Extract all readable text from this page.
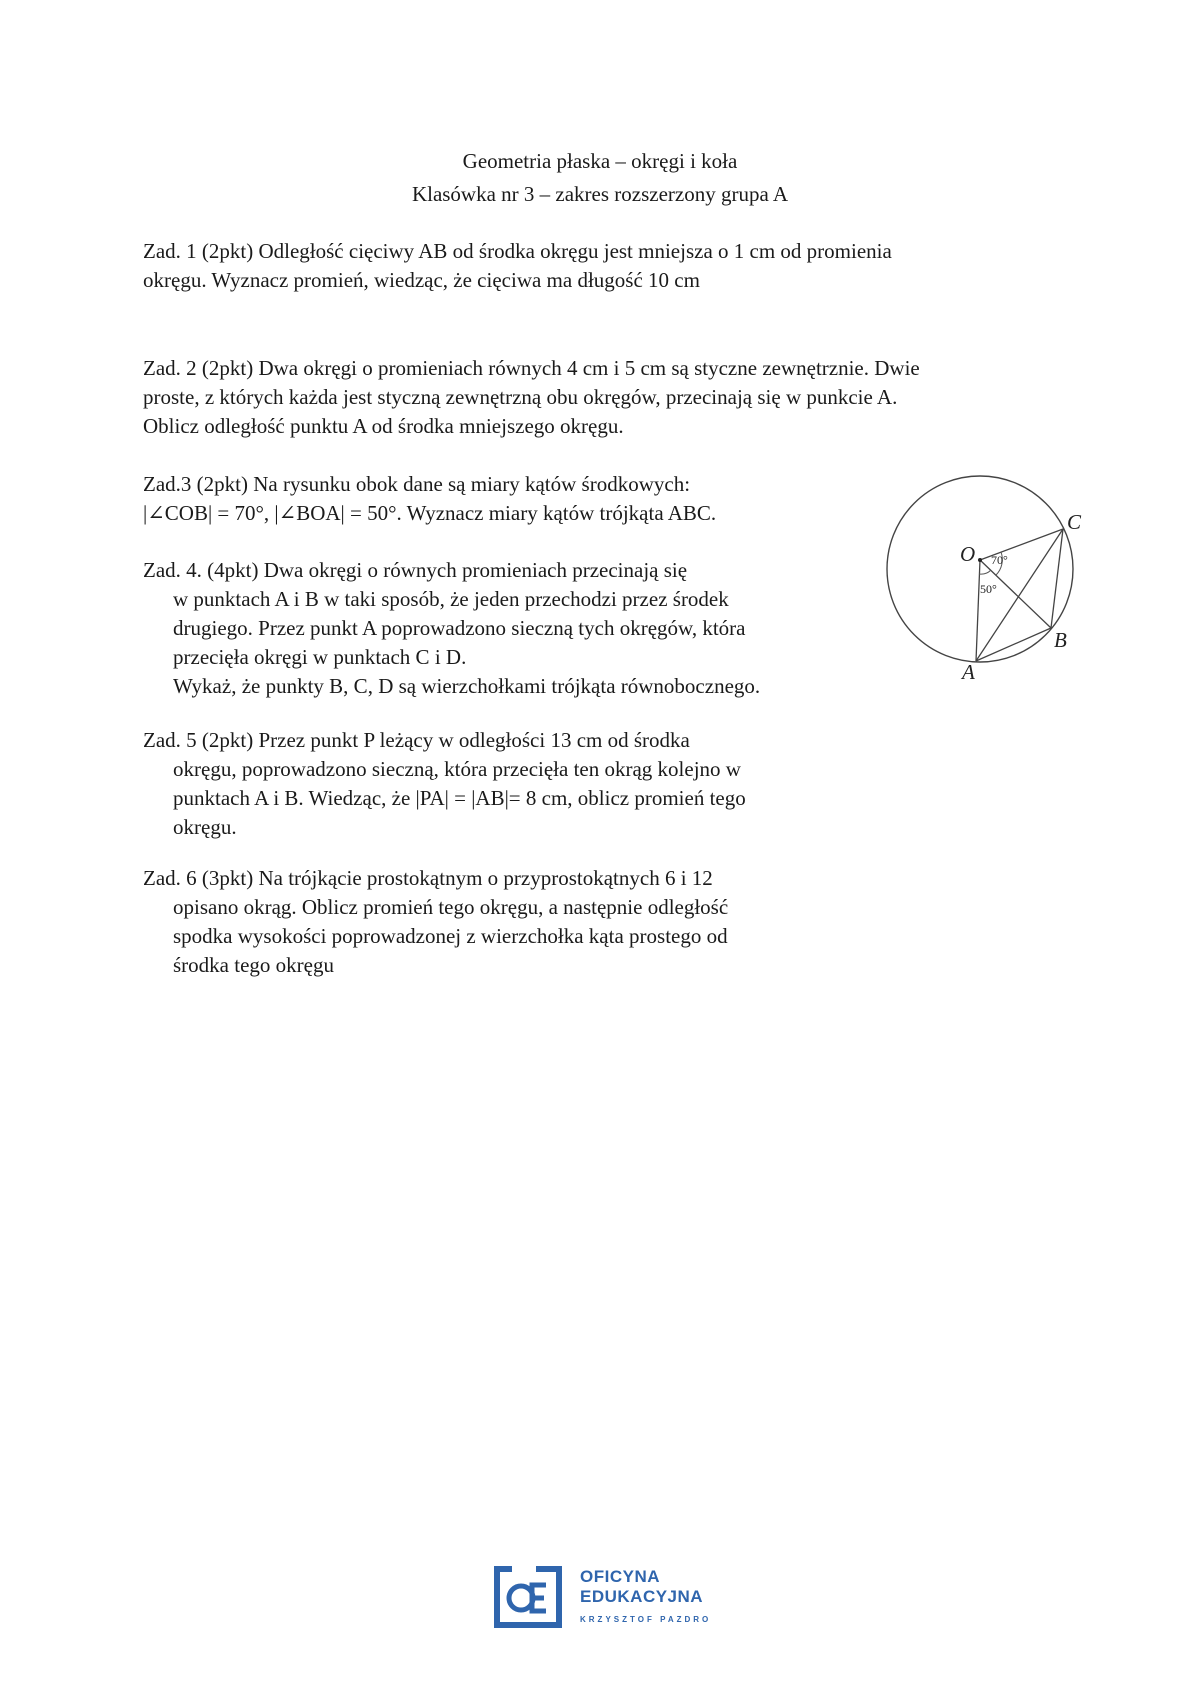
Geometria płaska – okręgi i koła
Klasówka nr 3 – zakres rozszerzony grupa A

Zad. 1 (2pkt) Odległość cięciwy AB od środka okręgu jest mniejsza o 1 cm od promienia

okręgu. Wyznacz promień, wiedząc, że cięciwa ma długość 10 cm

Zad. 2 (2pkt) Dwa okręgi o promieniach równych 4 cm i 5 cm są styczne zewnętrznie. Dwie

proste, z których każda jest styczną zewnętrzną obu okręgów, przecinają się w punkcie A.

Oblicz odległość punktu A od środka mniejszego okręgu.

Zad.3 (2pkt) Na rysunku obok dane są miary kątów środkowych:

|∠COB| = 70°, |∠BOA| = 50°. Wyznacz miary kątów trójkąta ABC.

Zad. 4. (4pkt) Dwa okręgi o równych promieniach przecinają się

w punktach A i B w taki sposób, że jeden przechodzi przez środek

drugiego. Przez punkt A poprowadzono sieczną tych okręgów, która

przecięła okręgi w punktach C i D.

Wykaż, że punkty B, C, D są wierzchołkami trójkąta równobocznego.

Zad. 5 (2pkt) Przez punkt P leżący w odległości 13 cm od środka

okręgu, poprowadzono sieczną, która przecięła ten okrąg kolejno w

punktach A i B. Wiedząc, że |PA| = |AB|= 8 cm, oblicz promień tego

okręgu.

Zad. 6 (3pkt) Na trójkącie prostokątnym o przyprostokątnych 6 i 12

opisano okrąg. Oblicz promień tego okręgu, a następnie odległość

spodka wysokości poprowadzonej z wierzchołka kąta prostego od

środka tego okręgu

O
C
B
A
70°
50°
OFICYNA
EDUKACYJNA
KRZYSZTOF PAZDRO
